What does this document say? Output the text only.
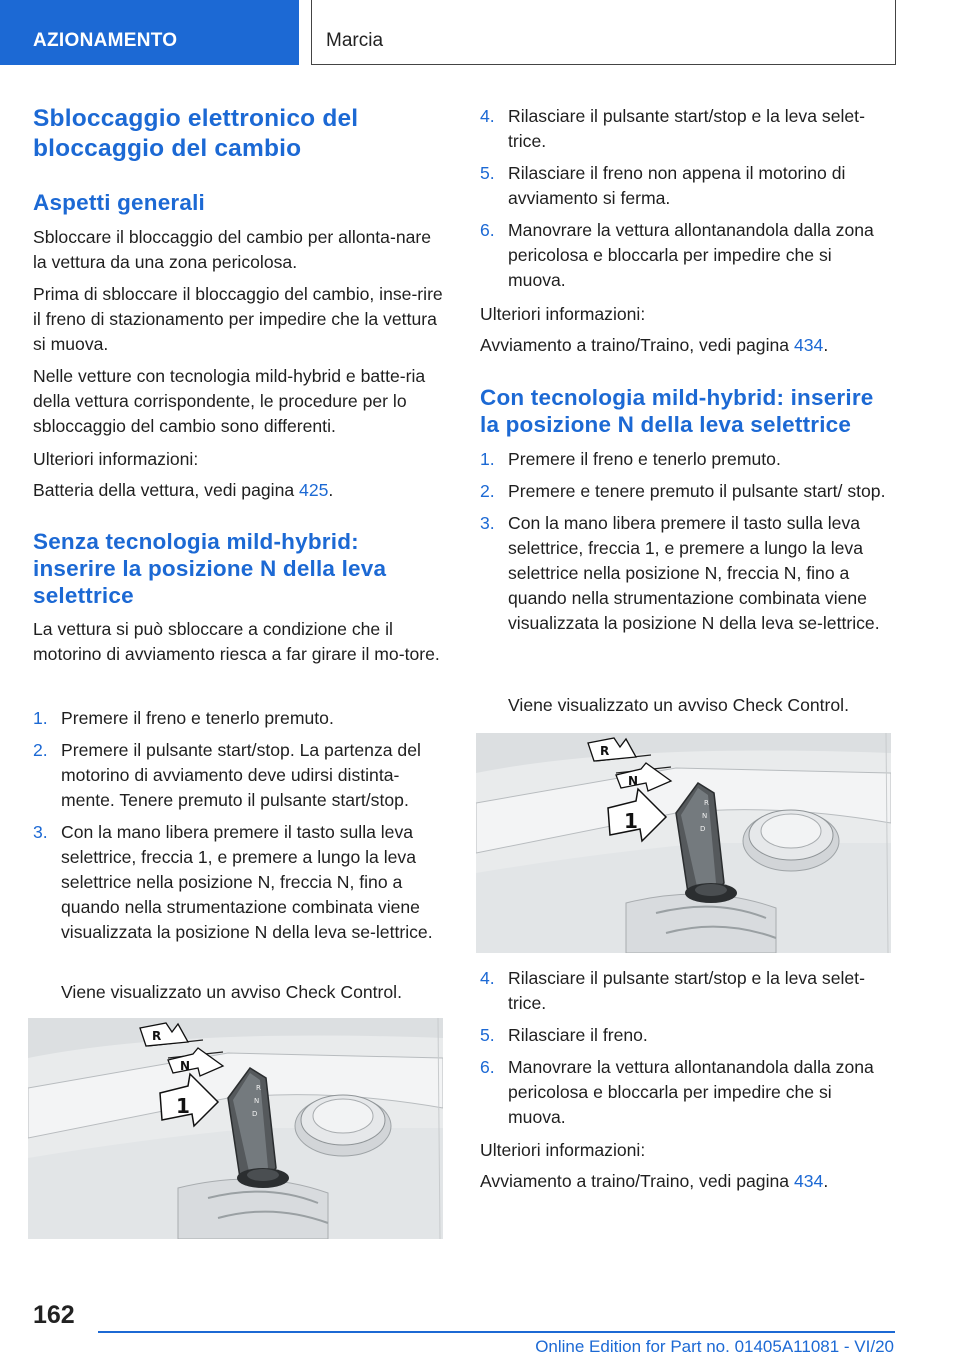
AZIONAMENTO	Marcia
Sbloccaggio elettronico del bloccaggio del cambio
Aspetti generali

Sbloccare il bloccaggio del cambio per allonta-nare la vettura da una zona pericolosa.

Prima di sbloccare il bloccaggio del cambio, inse-rire il freno di stazionamento per impedire che la vettura si muova.

Nelle vetture con tecnologia mild-hybrid e batte-ria della vettura corrispondente, le procedure per lo sbloccaggio del cambio sono differenti.

Ulteriori informazioni:

Batteria della vettura, vedi pagina 425.

Senza tecnologia mild-hybrid: inserire la posizione N della leva selettrice

La vettura si può sbloccare a condizione che il motorino di avviamento riesca a far girare il mo-tore.

1. Premere il freno e tenerlo premuto.
2. Premere il pulsante start/stop. La partenza del motorino di avviamento deve udirsi distinta-mente. Tenere premuto il pulsante start/stop.
3. Con la mano libera premere il tasto sulla leva selettrice, freccia 1, e premere a lungo la leva selettrice nella posizione N, freccia N, fino a quando nella strumentazione combinata viene visualizzata la posizione N della leva se-lettrice.

Viene visualizzato un avviso Check Control.

R
N
D
R
N
1
4. Rilasciare il pulsante start/stop e la leva selet-trice.
5. Rilasciare il freno non appena il motorino di avviamento si ferma.
6. Manovrare la vettura allontanandola dalla zona pericolosa e bloccarla per impedire che si muova.

Ulteriori informazioni:

Avviamento a traino/Traino, vedi pagina 434.

Con tecnologia mild-hybrid: inserire la posizione N della leva selettrice
1. Premere il freno e tenerlo premuto.
2. Premere e tenere premuto il pulsante start/ stop.
3. Con la mano libera premere il tasto sulla leva selettrice, freccia 1, e premere a lungo la leva selettrice nella posizione N, freccia N, fino a quando nella strumentazione combinata viene visualizzata la posizione N della leva se-lettrice.

Viene visualizzato un avviso Check Control.

4. Rilasciare il pulsante start/stop e la leva selet-trice.
5. Rilasciare il freno.
6. Manovrare la vettura allontanandola dalla zona pericolosa e bloccarla per impedire che si muova.

Ulteriori informazioni:

Avviamento a traino/Traino, vedi pagina 434.

R
N
D
R
N
1
162
Online Edition for Part no. 01405A11081 - VI/20
